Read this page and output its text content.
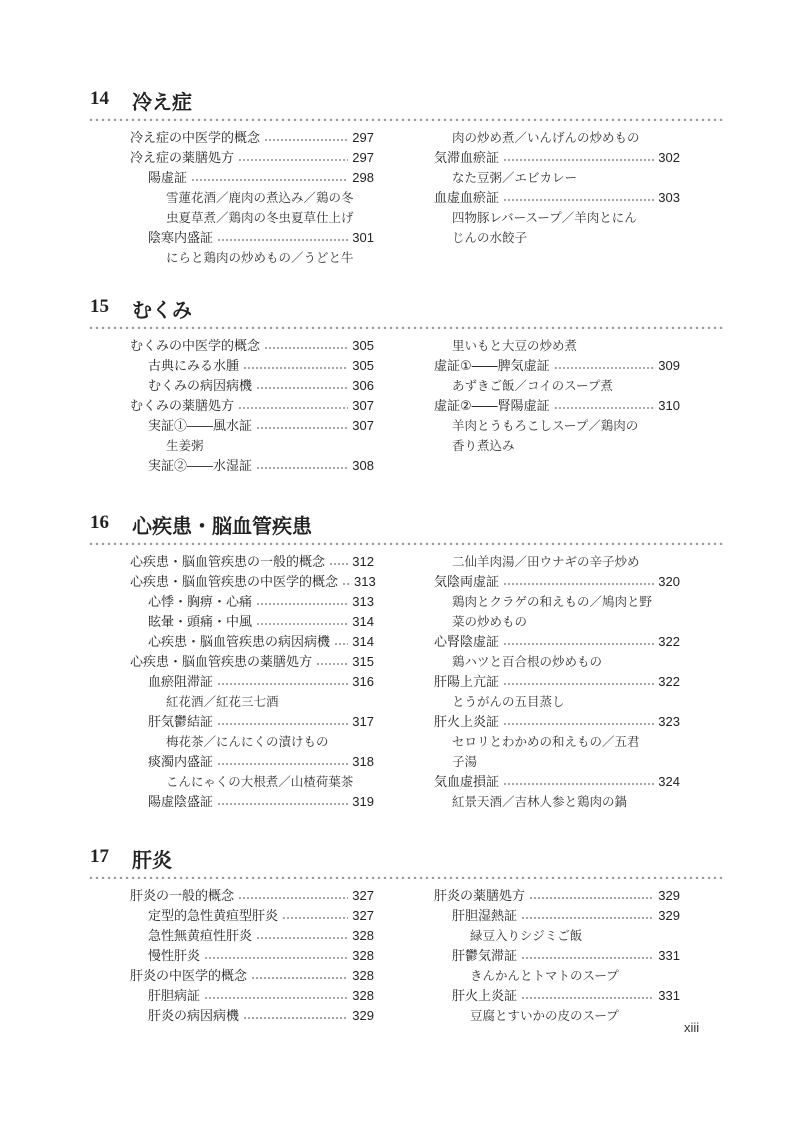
14 冷え症
冷え症の中医学的概念	297
冷え症の薬膳処方	297
陽虚証	298
雪蓮花酒／鹿肉の煮込み／鶏の冬
虫夏草煮／鶏肉の冬虫夏草仕上げ
陰寒内盛証	301
にらと鶏肉の炒めもの／うどと牛
肉の炒め煮／いんげんの炒めもの
気滞血瘀証	302
なた豆粥／エビカレー
血虚血瘀証	303
四物豚レバースープ／羊肉とにん
じんの水餃子
15 むくみ
むくみの中医学的概念	305
古典にみる水腫	305
むくみの病因病機	306
むくみの薬膳処方	307
実証①――風水証	307
生姜粥
実証②――水湿証	308
里いもと大豆の炒め煮
虚証①――脾気虚証	309
あずきご飯／コイのスープ煮
虚証②――腎陽虚証	310
羊肉とうもろこしスープ／鶏肉の
香り煮込み
16 心疾患・脳血管疾患
心疾患・脳血管疾患の一般的概念 312
心疾患・脳血管疾患の中医学的概念 313
心悸・胸痹・心痛	313
眩暈・頭痛・中風	314
心疾患・脳血管疾患の病因病機 314
心疾患・脳血管疾患の薬膳処方	315
血瘀阻滞証	316
紅花酒／紅花三七酒
肝気鬱結証	317
梅花茶／にんにくの漬けもの
痰濁内盛証	318
こんにゃくの大根煮／山楂荷葉茶
陽虚陰盛証	319
二仙羊肉湯／田ウナギの辛子炒め
気陰両虚証	320
鶏肉とクラゲの和えもの／鳩肉と野
菜の炒めもの
心腎陰虚証	322
鶏ハツと百合根の炒めもの
肝陽上亢証	322
とうがんの五目蒸し
肝火上炎証	323
セロリとわかめの和えもの／五君
子湯
気血虚損証	324
紅景天酒／吉林人参と鶏肉の鍋
17 肝炎
肝炎の一般的概念	327
定型的急性黄疸型肝炎	327
急性無黄疸性肝炎	328
慢性肝炎	328
肝炎の中医学的概念	328
肝胆病証	328
肝炎の病因病機	329
肝炎の薬膳処方	329
肝胆湿熱証	329
緑豆入りシジミご飯
肝鬱気滞証	331
きんかんとトマトのスープ
肝火上炎証	331
豆腐とすいかの皮のスープ
xiii
